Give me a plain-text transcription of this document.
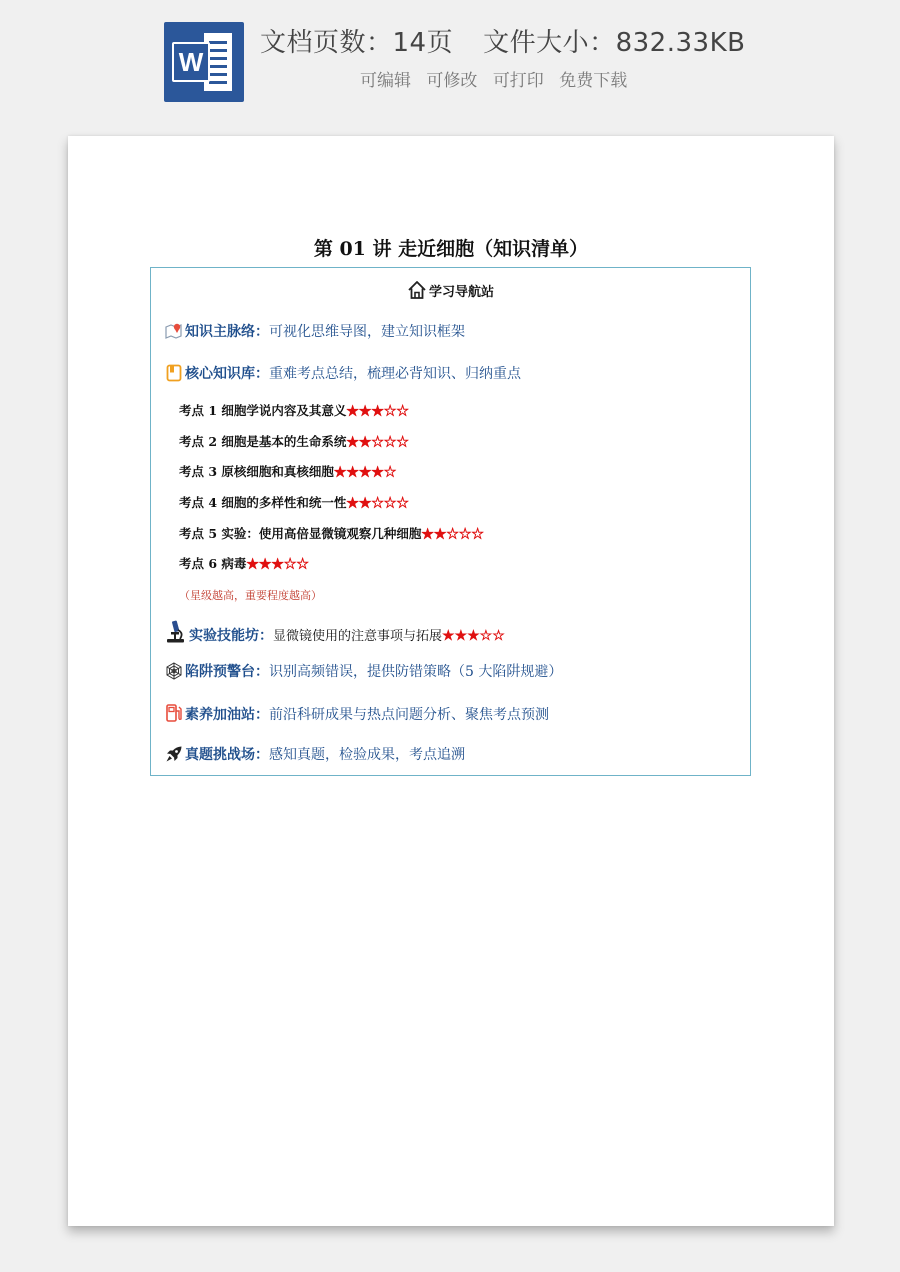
W
文档页数：14页 文件大小：832.33KB
可编辑 可修改 可打印 免费下载
第 01 讲 走近细胞（知识清单）
学习导航站
知识主脉络：可视化思维导图，建立知识框架
核心知识库：重难考点总结，梳理必背知识、归纳重点
考点 1 细胞学说内容及其意义★★★☆☆
考点 2 细胞是基本的生命系统★★☆☆☆
考点 3 原核细胞和真核细胞★★★★☆
考点 4 细胞的多样性和统一性★★☆☆☆
考点 5 实验：使用高倍显微镜观察几种细胞★★☆☆☆
考点 6 病毒★★★☆☆
（星级越高，重要程度越高）
实验技能坊：显微镜使用的注意事项与拓展★★★☆☆
陷阱预警台：识别高频错误，提供防错策略（5 大陷阱规避）
素养加油站：前沿科研成果与热点问题分析、聚焦考点预测
真题挑战场：感知真题，检验成果，考点追溯
